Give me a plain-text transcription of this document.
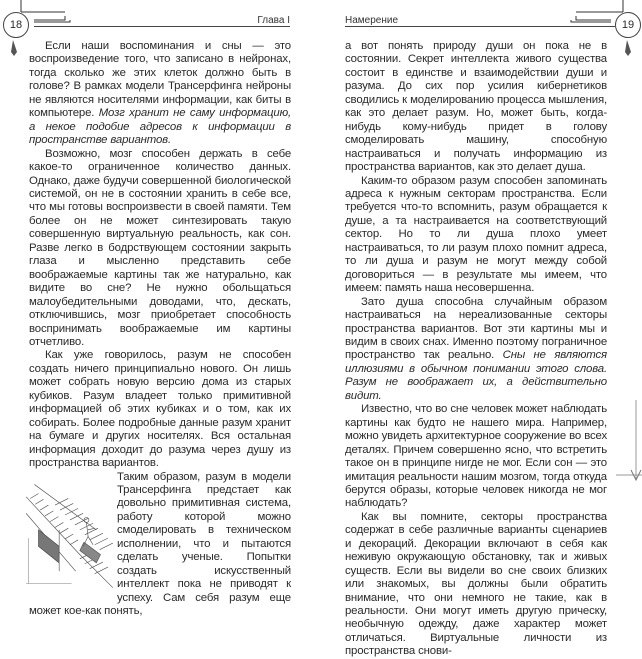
18	Глава I

Если наши воспоминания и сны — это воспроизведение того, что записано в нейронах, тогда сколько же этих клеток должно быть в голове? В рамках модели Трансерфинга нейроны не являются носителями информации, как биты в компьютере. Мозг хранит не саму информацию, а некое подобие адресов к информации в пространстве вариантов.

Возможно, мозг способен держать в себе какое-то ограниченное количество данных. Однако, даже будучи совершенной биологической системой, он не в состоянии хранить в себе все, что мы готовы воспроизвести в своей памяти. Тем более он не может синтезировать такую совершенную виртуальную реальность, как сон. Разве легко в бодрствующем состоянии закрыть глаза и мысленно представить себе воображаемые картины так же натурально, как видите во сне? Не нужно обольщаться малоубедительными доводами, что, дескать, отключившись, мозг приобретает способность воспринимать воображаемые им картины отчетливо.

Как уже говорилось, разум не способен создать ничего принципиально нового. Он лишь может собрать новую версию дома из старых кубиков. Разум владеет только примитивной информацией об этих кубиках и о том, как их собирать. Более подробные данные разум хранит на бумаге и других носителях. Вся остальная информация доходит до разума через душу из пространства вариантов.

Таким образом, разум в модели Трансерфинга предстает как довольно примитивная система, работу которой можно смоделировать в техническом исполнении, что и пытаются сделать ученые. Попытки создать искусственный интеллект пока не приводят к успеху. Сам себя разум еще может кое-как понять,

19
Намерение

а вот понять природу души он пока не в состоянии. Секрет интеллекта живого существа состоит в единстве и взаимодействии души и разума. До сих пор усилия кибернетиков сводились к моделированию процесса мышления, как это делает разум. Но, может быть, когда-нибудь кому-нибудь придет в голову смоделировать машину, способную настраиваться и получать информацию из пространства вариантов, как это делает душа.

Каким-то образом разум способен запоминать адреса к нужным секторам пространства. Если требуется что-то вспомнить, разум обращается к душе, а та настраивается на соответствующий сектор. Но то ли душа плохо умеет настраиваться, то ли разум плохо помнит адреса, то ли душа и разум не могут между собой договориться — в результате мы имеем, что имеем: память наша несовершенна.

Зато душа способна случайным образом настраиваться на нереализованные секторы пространства вариантов. Вот эти картины мы и видим в своих снах. Именно поэтому пограничное пространство так реально. Сны не являются иллюзиями в обычном понимании этого слова. Разум не воображает их, а действительно видит.

Известно, что во сне человек может наблюдать картины как будто не нашего мира. Например, можно увидеть архитектурное сооружение во всех деталях. Причем совершенно ясно, что встретить такое он в принципе нигде не мог. Если сон — это имитация реальности нашим мозгом, тогда откуда берутся образы, которые человек никогда не мог наблюдать?

Как вы помните, секторы пространства содержат в себе различные варианты сценариев и декораций. Декорации включают в себя как неживую окружающую обстановку, так и живых существ. Если вы видели во сне своих близких или знакомых, вы должны были обратить внимание, что они немного не такие, как в реальности. Они могут иметь другую прическу, необычную одежду, даже характер может отличаться. Виртуальные личности из пространства снови-
